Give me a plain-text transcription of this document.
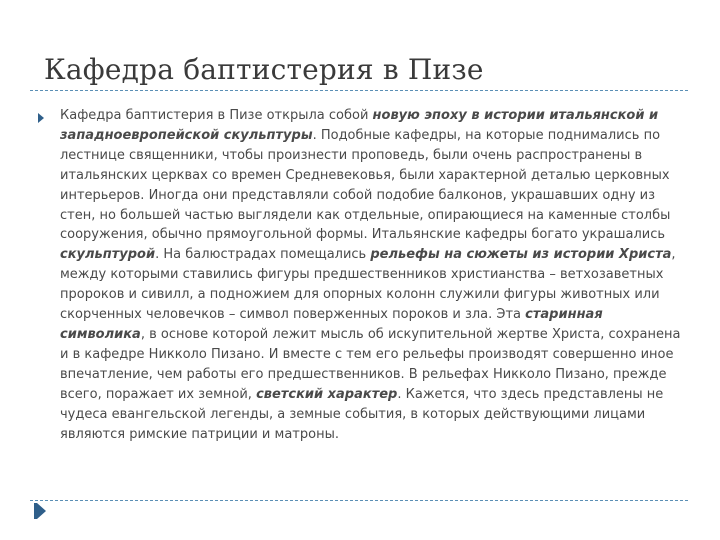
Кафедра баптистерия в Пизе
Кафедра баптистерия в Пизе открыла собой новую эпоху в истории итальянской и западноевропейской скульптуры. Подобные кафедры, на которые поднимались по лестнице священники, чтобы произнести проповедь, были очень распространены в итальянских церквах со времен Средневековья, были характерной деталью церковных интерьеров. Иногда они представляли собой подобие балконов, украшавших одну из стен, но большей частью выглядели как отдельные, опирающиеся на каменные столбы сооружения, обычно прямоугольной формы. Итальянские кафедры богато украшались скульптурой. На балюстрадах помещались рельефы на сюжеты из истории Христа, между которыми ставились фигуры предшественников христианства – ветхозаветных пророков и сивилл, а подножием для опорных колонн служили фигуры животных или скорченных человечков – символ поверженных пороков и зла. Эта старинная символика, в основе которой лежит мысль об искупительной жертве Христа, сохранена и в кафедре Никколо Пизано. И вместе с тем его рельефы производят совершенно иное впечатление, чем работы его предшественников. В рельефах Никколо Пизано, прежде всего, поражает их земной, светский характер. Кажется, что здесь представлены не чудеса евангельской легенды, а земные события, в которых действующими лицами являются римские патриции и матроны.
